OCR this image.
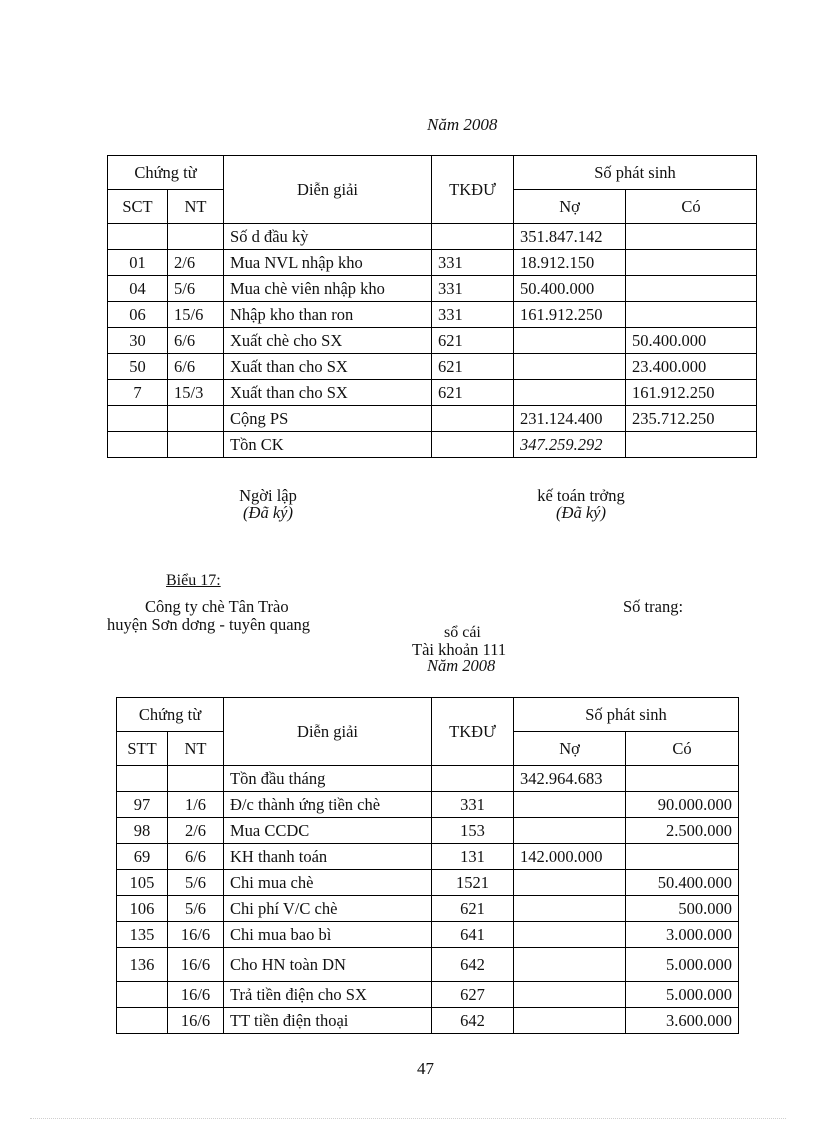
Năm 2008
Chứng từ		Diễn giải	TKĐƯ	Số phát sinh	
SCT	NT			Nợ	Có
		Số d đầu kỳ		351.847.142	
01	2/6	Mua NVL nhập kho	331	18.912.150	
04	5/6	Mua chè viên nhập kho	331	50.400.000	
06	15/6	Nhập kho than ron	331	161.912.250	
30	6/6	Xuất chè cho SX	621		50.400.000
50	6/6	Xuất than cho SX	621		23.400.000
7	15/3	Xuất than cho SX	621		161.912.250
		Cộng PS		231.124.400	235.712.250
		Tồn CK		347.259.292	
Ngời lập
(Đã ký)
kế toán trởng
(Đã ký)
Biểu 17:
Công ty chè Tân Trào
huyện Sơn dơng - tuyên quang
Số trang:
sổ cái
Tài khoản 111
Năm 2008
Chứng từ		Diễn giải	TKĐƯ	Số phát sinh	
STT	NT			Nợ	Có
		Tồn đầu tháng		342.964.683	
97	1/6	Đ/c thành ứng tiền chè	331		90.000.000
98	2/6	Mua CCDC	153		2.500.000
69	6/6	KH thanh toán	131	142.000.000	
105	5/6	Chi mua chè	1521		50.400.000
106	5/6	Chi phí V/C chè	621		500.000
135	16/6	Chi mua bao bì	641		3.000.000
136	16/6	Cho HN toàn DN	642		5.000.000
	16/6	Trả tiền điện cho SX	627		5.000.000
	16/6	TT tiền điện thoại	642		3.600.000
47
